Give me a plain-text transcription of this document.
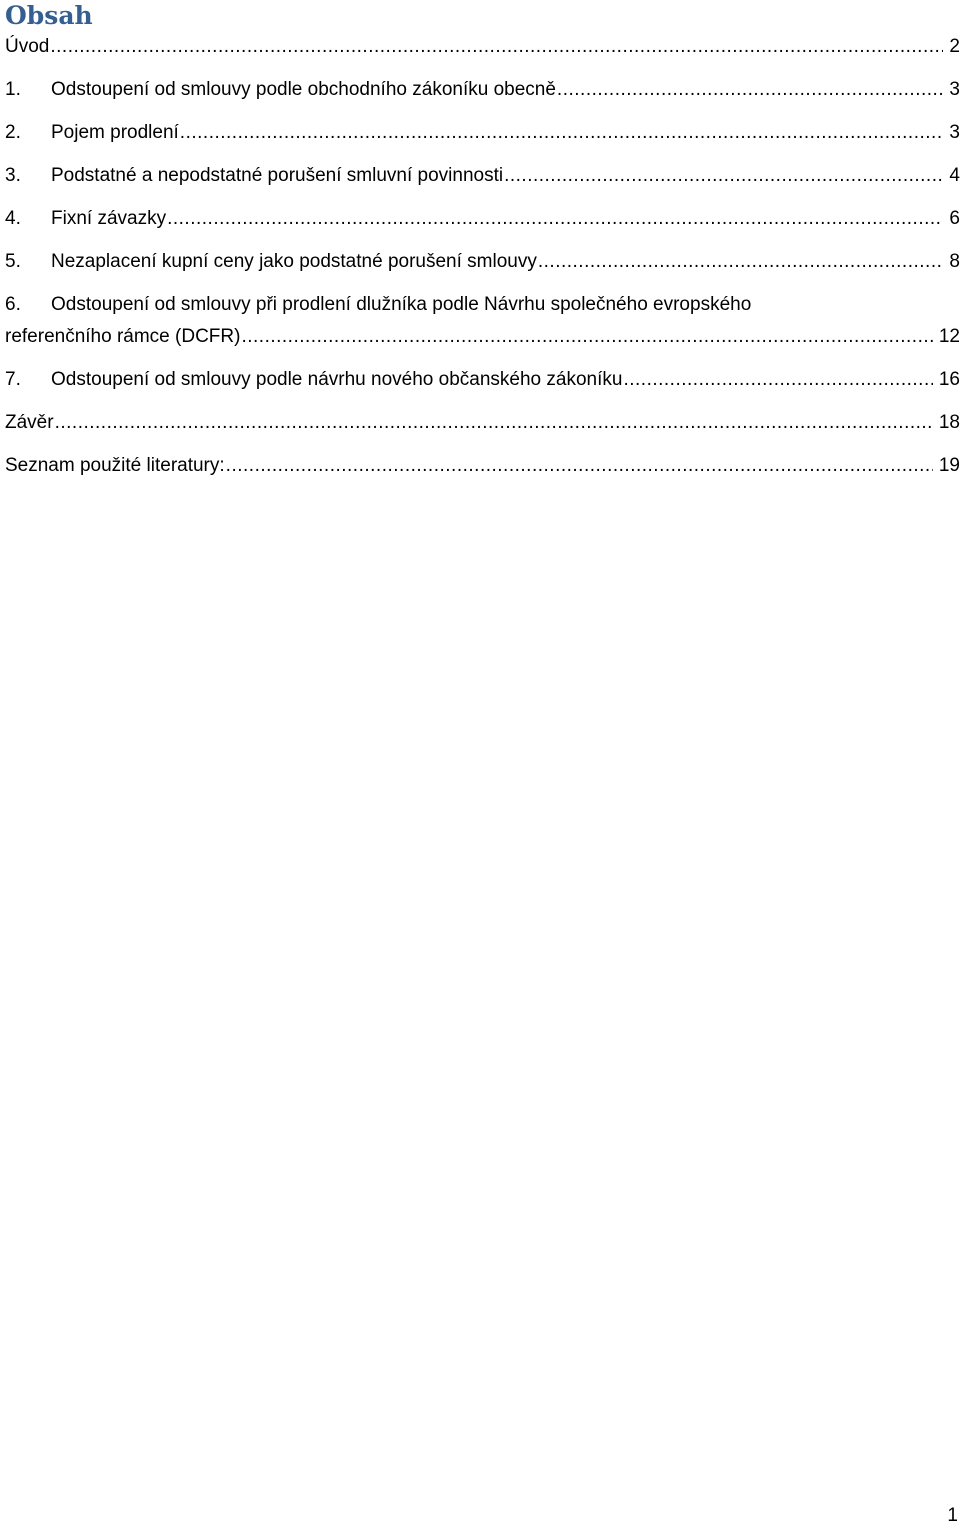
Obsah
Úvod .....	2
1.	Odstoupení od smlouvy podle obchodního zákoníku obecně .....	3
2.	Pojem prodlení .....	3
3.	Podstatné a nepodstatné porušení smluvní povinnosti .....	4
4.	Fixní závazky .....	6
5.	Nezaplacení kupní ceny jako podstatné porušení smlouvy .....	8
6. Odstoupení od smlouvy při prodlení dlužníka podle Návrhu společného evropského
referenčního rámce (DCFR) .....	12
7.	Odstoupení od smlouvy podle návrhu nového občanského zákoníku .....	16
Závěr .....	18
Seznam použité literatury: .....	19
1
